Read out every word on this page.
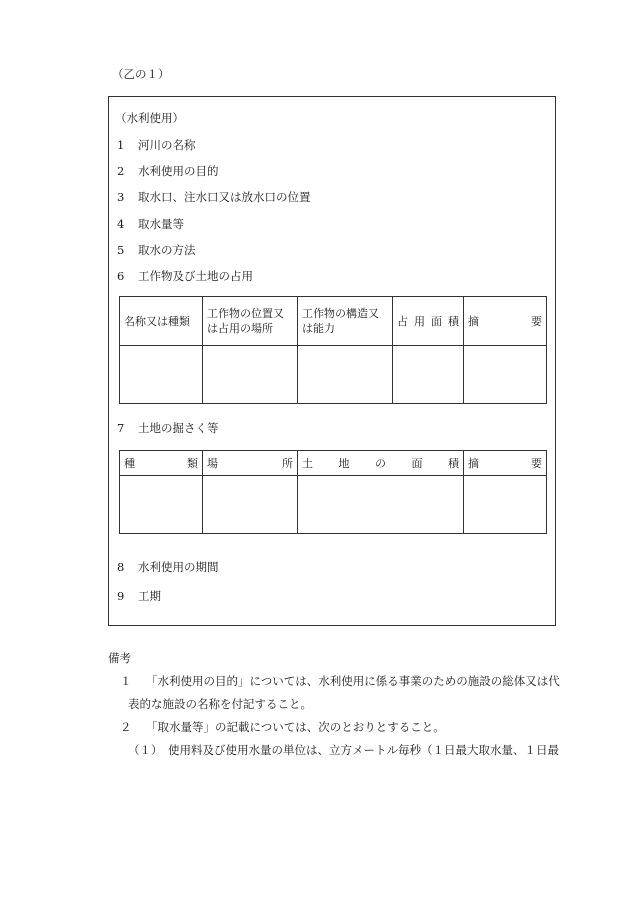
（乙の１）
（水利使用）
1 河川の名称
2 水利使用の目的
3 取水口、注水口又は放水口の位置
4 取水量等
5 取水の方法
6 工作物及び土地の占用
名称又は種類	工作物の位置又は占用の場所	工作物の構造又は能力	占用面積	摘要

7 土地の掘さく等
種類	場所	土地の面積	摘要

8 水利使用の期間
9 工期
備考
１ 「水利使用の目的」については、水利使用に係る事業のための施設の総体又は代
表的な施設の名称を付記すること。
２ 「取水量等」の記載については、次のとおりとすること。
（１） 使用料及び使用水量の単位は、立方メートル毎秒（１日最大取水量、１日最
